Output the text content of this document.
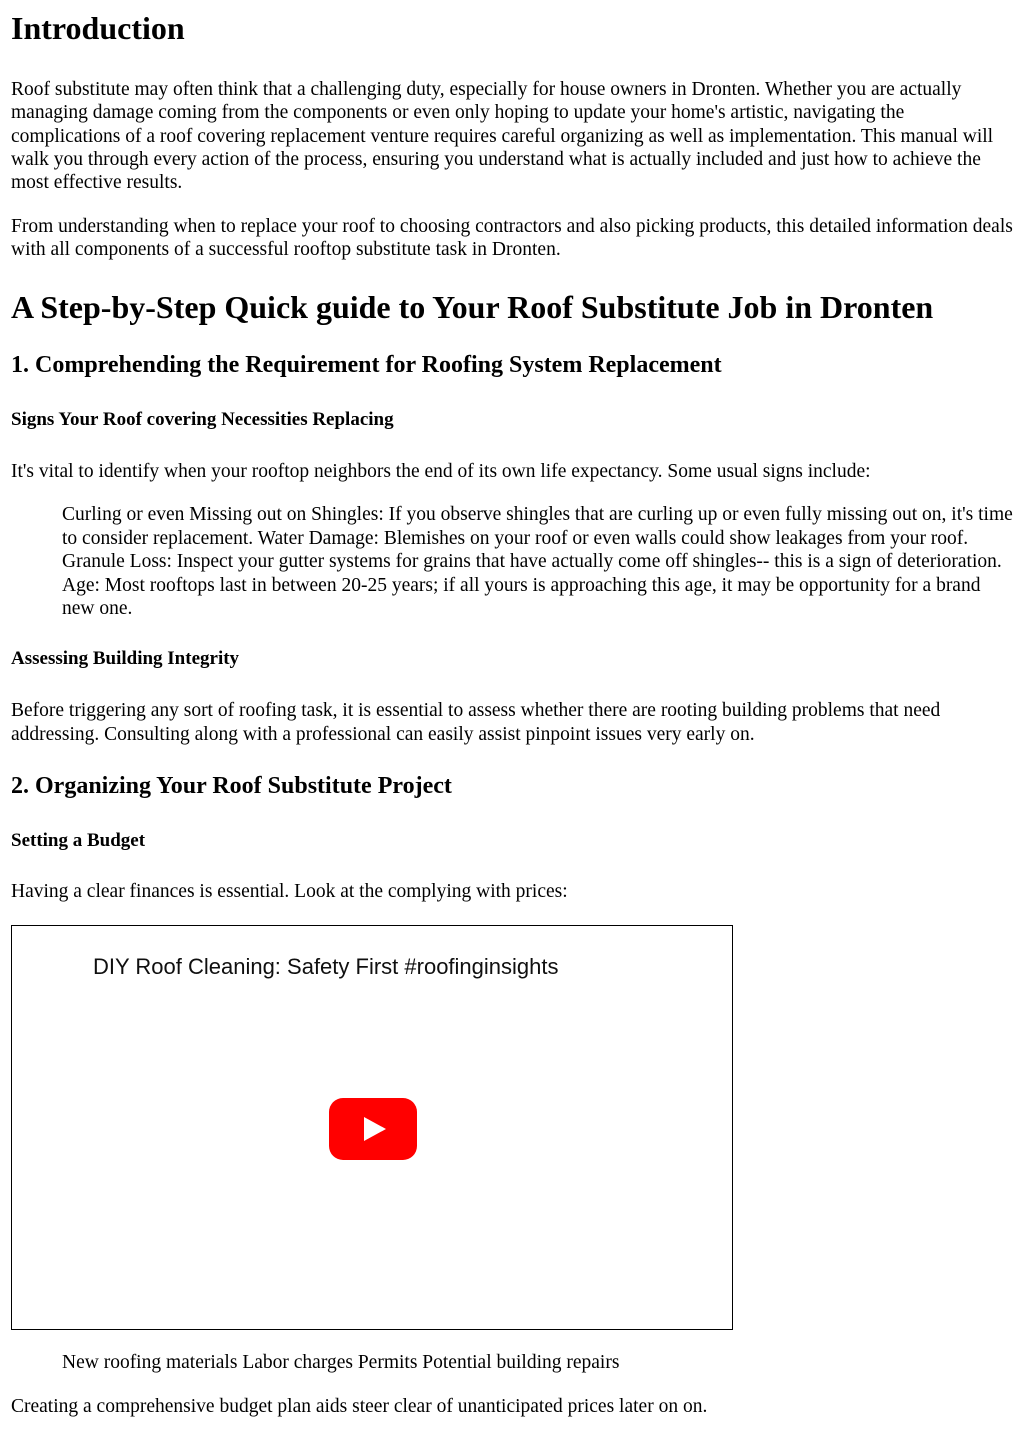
Introduction

Roof substitute may often think that a challenging duty, especially for house owners in Dronten. Whether you are actually managing damage coming from the components or even only hoping to update your home's artistic, navigating the complications of a roof covering replacement venture requires careful organizing as well as implementation. This manual will walk you through every action of the process, ensuring you understand what is actually included and just how to achieve the most effective results.

From understanding when to replace your roof to choosing contractors and also picking products, this detailed information deals with all components of a successful rooftop substitute task in Dronten.

A Step-by-Step Quick guide to Your Roof Substitute Job in Dronten
1. Comprehending the Requirement for Roofing System Replacement
Signs Your Roof covering Necessities Replacing

It's vital to identify when your rooftop neighbors the end of its own life expectancy. Some usual signs include:

Curling or even Missing out on Shingles: If you observe shingles that are curling up or even fully missing out on, it's time to consider replacement. Water Damage: Blemishes on your roof or even walls could show leakages from your roof. Granule Loss: Inspect your gutter systems for grains that have actually come off shingles-- this is a sign of deterioration. Age: Most rooftops last in between 20-25 years; if all yours is approaching this age, it may be opportunity for a brand new one.

Assessing Building Integrity

Before triggering any sort of roofing task, it is essential to assess whether there are rooting building problems that need addressing. Consulting along with a professional can easily assist pinpoint issues very early on.

2. Organizing Your Roof Substitute Project
Setting a Budget

Having a clear finances is essential. Look at the complying with prices:

DIY Roof Cleaning: Safety First #roofinginsights

New roofing materials Labor charges Permits Potential building repairs

Creating a comprehensive budget plan aids steer clear of unanticipated prices later on on.
